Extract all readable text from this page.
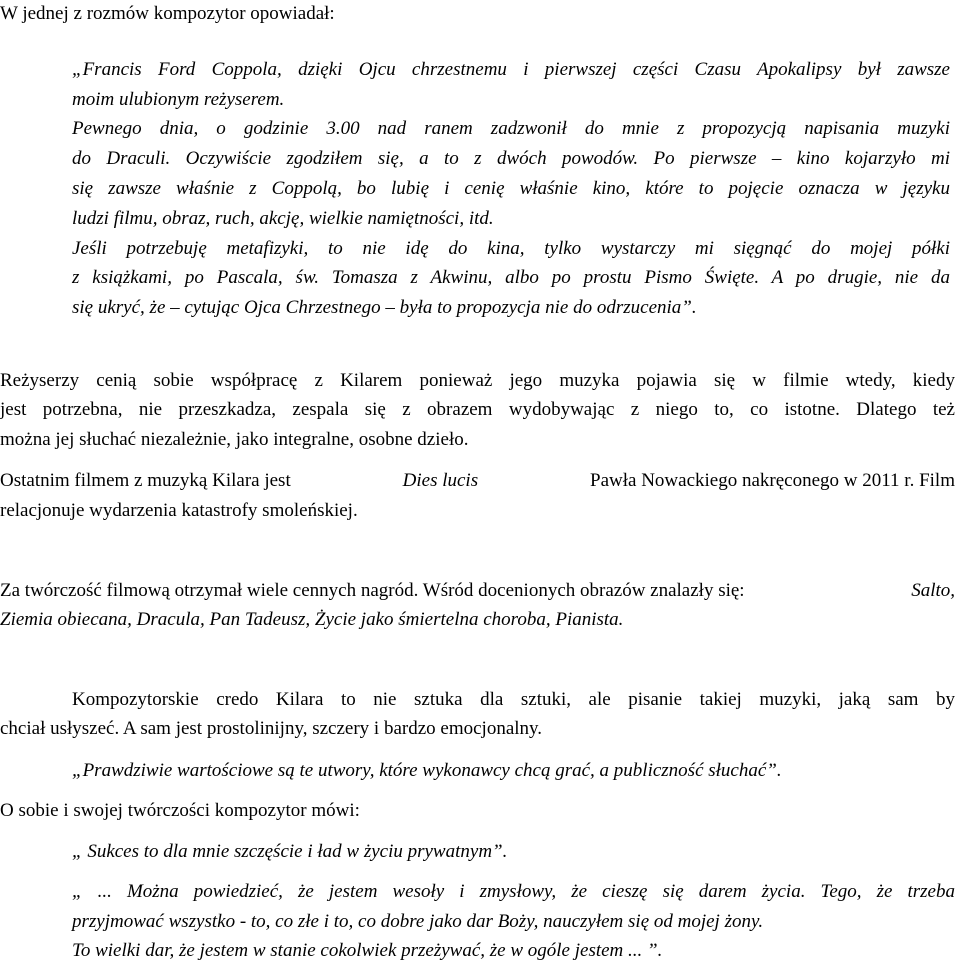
W jednej z rozmów kompozytor opowiadał:
„Francis Ford Coppola, dzięki Ojcu chrzestnemu i pierwszej części Czasu Apokalipsy był zawsze
moim ulubionym reżyserem.
Pewnego dnia, o godzinie 3.00 nad ranem zadzwonił do mnie z propozycją napisania muzyki
do Draculi. Oczywiście zgodziłem się, a to z dwóch powodów. Po pierwsze – kino kojarzyło mi
się zawsze właśnie z Coppolą, bo lubię i cenię właśnie kino, które to pojęcie oznacza w języku
ludzi filmu, obraz, ruch, akcję, wielkie namiętności, itd.
Jeśli potrzebuję metafizyki, to nie idę do kina, tylko wystarczy mi sięgnąć do mojej półki
z książkami, po Pascala, św. Tomasza z Akwinu, albo po prostu Pismo Święte. A po drugie, nie da
się ukryć, że – cytując Ojca Chrzestnego – była to propozycja nie do odrzucenia”.
Reżyserzy cenią sobie współpracę z Kilarem ponieważ jego muzyka pojawia się w filmie wtedy, kiedy
jest potrzebna, nie przeszkadza, zespala się z obrazem wydobywając z niego to, co istotne. Dlatego też
można jej słuchać niezależnie, jako integralne, osobne dzieło.
Ostatnim filmem z muzyką Kilara jest	Dies lucis	Pawła Nowackiego nakręconego w 2011 r. Film
relacjonuje wydarzenia katastrofy smoleńskiej.
Za twórczość filmową otrzymał wiele cennych nagród. Wśród docenionych obrazów znalazły się:	Salto,
Ziemia obiecana, Dracula, Pan Tadeusz, Życie jako śmiertelna choroba, Pianista.
Kompozytorskie credo Kilara to nie sztuka dla sztuki, ale pisanie takiej muzyki, jaką sam by
chciał usłyszeć. A sam jest prostolinijny, szczery i bardzo emocjonalny.
„Prawdziwie wartościowe są te utwory, które wykonawcy chcą grać, a publiczność słuchać”.
O sobie i swojej twórczości kompozytor mówi:
„ Sukces to dla mnie szczęście i ład w życiu prywatnym”.
„ ... Można powiedzieć, że jestem wesoły i zmysłowy, że cieszę się darem życia. Tego, że trzeba
przyjmować wszystko - to, co złe i to, co dobre jako dar Boży, nauczyłem się od mojej żony.
To wielki dar, że jestem w stanie cokolwiek przeżywać, że w ogóle jestem ... ”.
